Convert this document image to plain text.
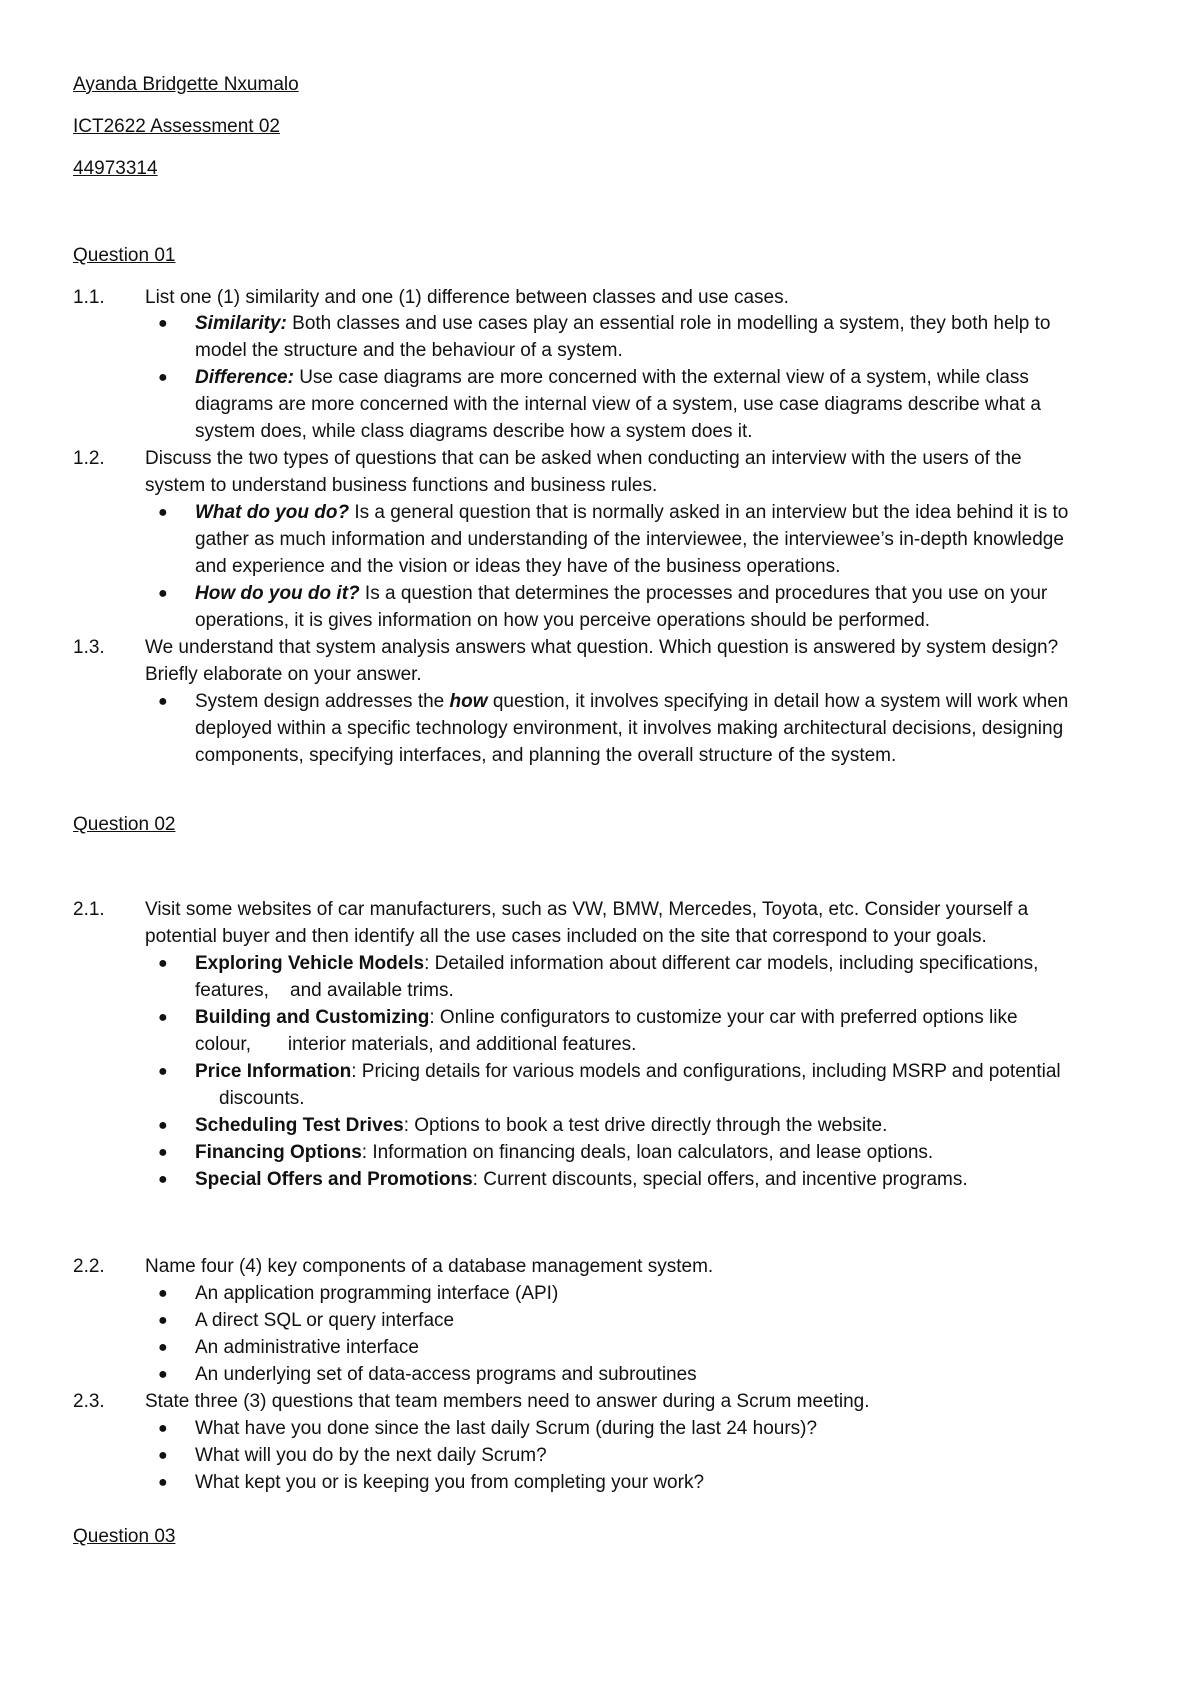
Ayanda Bridgette Nxumalo
ICT2622 Assessment 02
44973314
Question 01
1.1. List one (1) similarity and one (1) difference between classes and use cases.
● Similarity: Both classes and use cases play an essential role in modelling a system, they both help to
model the structure and the behaviour of a system.
● Difference: Use case diagrams are more concerned with the external view of a system, while class
diagrams are more concerned with the internal view of a system, use case diagrams describe what a
system does, while class diagrams describe how a system does it.
1.2. Discuss the two types of questions that can be asked when conducting an interview with the users of the
system to understand business functions and business rules.
● What do you do? Is a general question that is normally asked in an interview but the idea behind it is to
gather as much information and understanding of the interviewee, the interviewee’s in-depth knowledge
and experience and the vision or ideas they have of the business operations.
● How do you do it? Is a question that determines the processes and procedures that you use on your
operations, it is gives information on how you perceive operations should be performed.
1.3. We understand that system analysis answers what question. Which question is answered by system design?
Briefly elaborate on your answer.
● System design addresses the how question, it involves specifying in detail how a system will work when
deployed within a specific technology environment, it involves making architectural decisions, designing
components, specifying interfaces, and planning the overall structure of the system.
Question 02
2.1. Visit some websites of car manufacturers, such as VW, BMW, Mercedes, Toyota, etc. Consider yourself a
potential buyer and then identify all the use cases included on the site that correspond to your goals.
● Exploring Vehicle Models: Detailed information about different car models, including specifications,
features,    and available trims.
● Building and Customizing: Online configurators to customize your car with preferred options like
colour,       interior materials, and additional features.
● Price Information: Pricing details for various models and configurations, including MSRP and potential
discounts.
● Scheduling Test Drives: Options to book a test drive directly through the website.
● Financing Options: Information on financing deals, loan calculators, and lease options.
● Special Offers and Promotions: Current discounts, special offers, and incentive programs.
2.2. Name four (4) key components of a database management system.
● An application programming interface (API)
● A direct SQL or query interface
● An administrative interface
● An underlying set of data-access programs and subroutines
2.3. State three (3) questions that team members need to answer during a Scrum meeting.
● What have you done since the last daily Scrum (during the last 24 hours)?
● What will you do by the next daily Scrum?
● What kept you or is keeping you from completing your work?
Question 03
